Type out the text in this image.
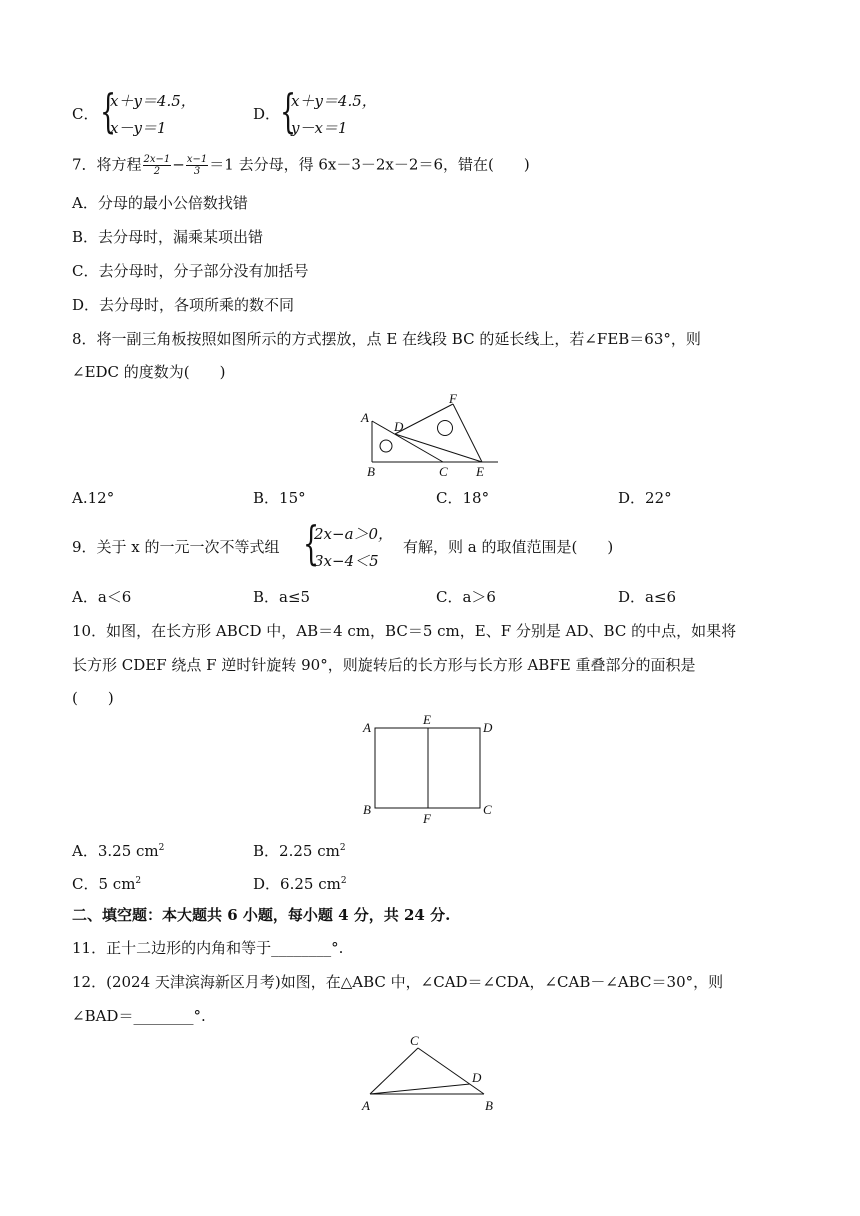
C． {
x＋y＝4.5，
x－y＝1
D． {
x＋y＝4.5，
y－x＝1
7．将方程 $\frac{2x-1}{2} - \frac{x-1}{3} =1$ 去分母，得 6x－3－2x－2＝6，错在(　　)
A．分母的最小公倍数找错
B．去分母时，漏乘某项出错
C．去分母时，分子部分没有加括号
D．去分母时，各项所乘的数不同
8．将一副三角板按照如图所示的方式摆放，点 E 在线段 BC 的延长线上，若∠FEB＝63°，则
∠EDC 的度数为(　　)
A
B	C
D
E
F
A.12°	B．15°	C．18°	D．22°
9．关于 x 的一元一次不等式组 {
2x−a＞0，
3x−4＜5
有解，则 a 的取值范围是(　　)
A．a＜6	B．a≤5	C．a＞6	D．a≤6
10．如图，在长方形 ABCD 中，AB＝4 cm，BC＝5 cm，E、F 分别是 AD、BC 的中点，如果将
长方形 CDEF 绕点 F 逆时针旋转 90°，则旋转后的长方形与长方形 ABFE 重叠部分的面积是
(　　)
A
E
D
B
F
C
A．3.25 $cm^2$	B．2.25 $cm^2$
C．5 $cm^2$	D．6.25 $cm^2$
二、填空题：本大题共 6 小题，每小题 4 分，共 24 分.
11．正十二边形的内角和等于________°.
12．(2024 天津滨海新区月考)如图，在△ABC 中，∠CAD＝∠CDA，∠CAB－∠ABC＝30°，则
∠BAD＝________°.
C
D
A	B
